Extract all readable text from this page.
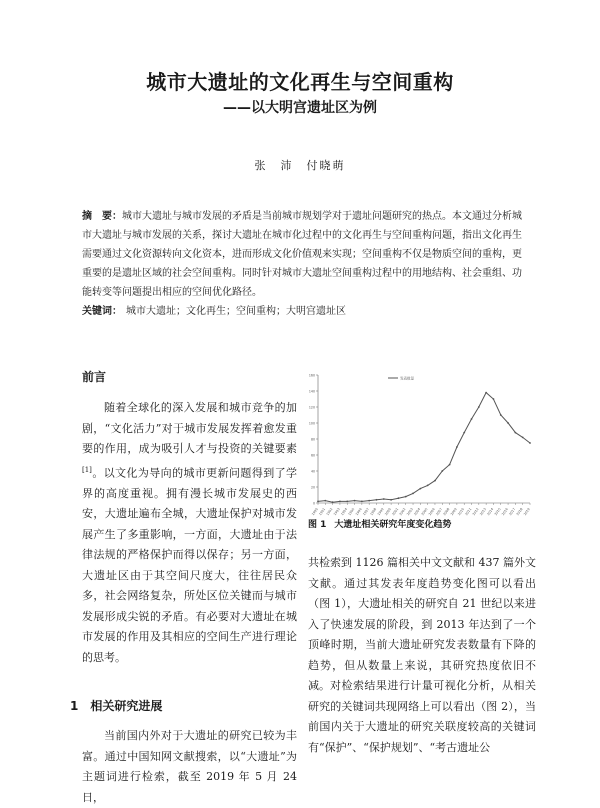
城市大遗址的文化再生与空间重构
——以大明宫遗址区为例
张　沛　付晓萌
摘　要：城市大遗址与城市发展的矛盾是当前城市规划学对于遗址问题研究的热点。本文通过分析城市大遗址与城市发展的关系，探讨大遗址在城市化过程中的文化再生与空间重构问题，指出文化再生需要通过文化资源转向文化资本，进而形成文化价值观来实现；空间重构不仅是物质空间的重构，更重要的是遗址区域的社会空间重构。同时针对城市大遗址空间重构过程中的用地结构、社会重组、功能转变等问题提出相应的空间优化路径。
关键词： 城市大遗址；文化再生；空间重构；大明宫遗址区
前言
随着全球化的深入发展和城市竞争的加剧，“文化活力”对于城市发展发挥着愈发重要的作用，成为吸引人才与投资的关键要素[1]。以文化为导向的城市更新问题得到了学界的高度重视。拥有漫长城市发展史的西安，大遗址遍布全城，大遗址保护对城市发展产生了多重影响，一方面，大遗址由于法律法规的严格保护而得以保存；另一方面，大遗址区由于其空间尺度大，往往居民众多，社会网络复杂，所处区位关键而与城市发展形成尖锐的矛盾。有必要对大遗址在城市发展的作用及其相应的空间生产进行理论的思考。
1　相关研究进展
当前国内外对于大遗址的研究已较为丰富。通过中国知网文献搜索，以“大遗址”为主题词进行检索，截至 2019 年 5 月 24 日，
0
20
40
60
80
100
120
140
160
1990 1991 1992 1993 1994 1995 1996 1997 1998 1999 2000 2001 2002 2003 2004 2005 2006 2007 2008 2009 2010 2011 2012 2013 2014 2015 2016 2017 2018 2019
发表数量
图 1 大遗址相关研究年度变化趋势
共检索到 1126 篇相关中文文献和 437 篇外文文献。通过其发表年度趋势变化图可以看出（图 1），大遗址相关的研究自 21 世纪以来进入了快速发展的阶段，到 2013 年达到了一个顶峰时期，当前大遗址研究发表数量有下降的趋势，但从数量上来说，其研究热度依旧不减。 对检索结果进行计量可视化分析，从相关研究的关键词共现网络上可以看出（图 2），当前国内关于大遗址的研究关联度较高的关键词有“保护”、“保护规划”、“考古遗址公
